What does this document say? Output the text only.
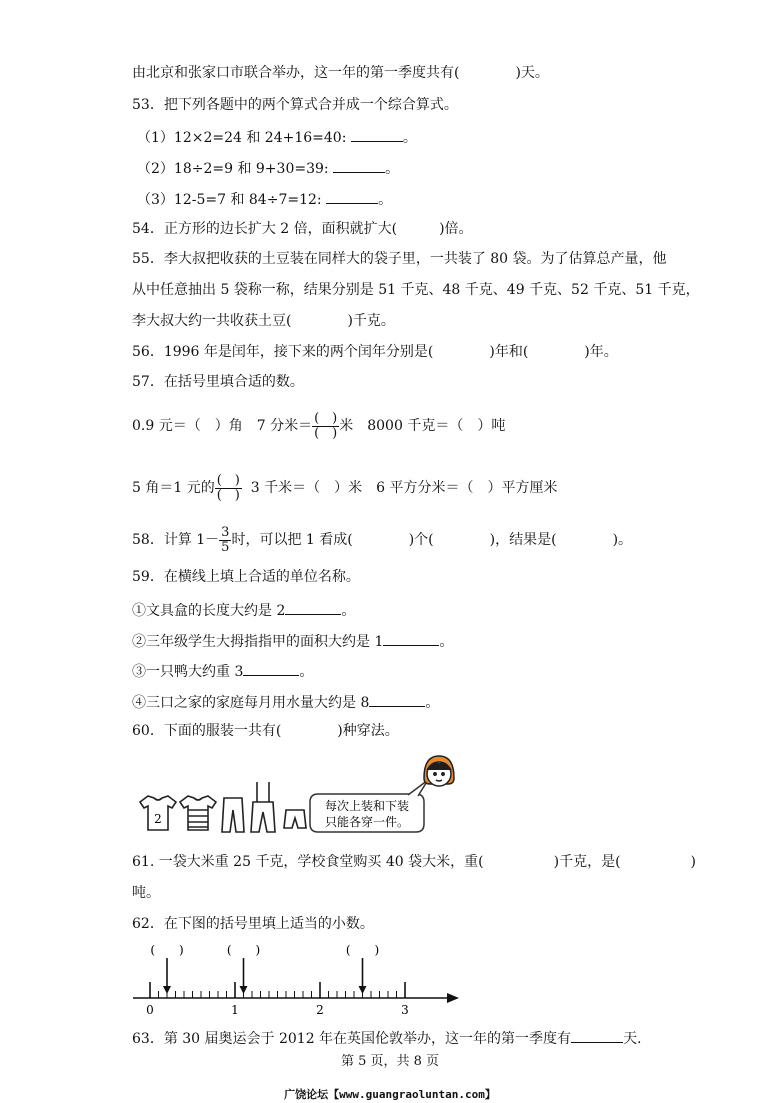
由北京和张家口市联合举办，这一年的第一季度共有(　　　　)天。
53．把下列各题中的两个算式合并成一个综合算式。
（1）12×2=24 和 24+16=40:	。
（2）18÷2=9 和 9+30=39:	。
（3）12-5=7 和 84÷7=12:	。
54．正方形的边长扩大 2 倍，面积就扩大(　　　)倍。
55．李大叔把收获的土豆装在同样大的袋子里，一共装了 80 袋。为了估算总产量，他
从中任意抽出 5 袋称一称，结果分别是 51 千克、48 千克、49 千克、52 千克、51 千克，
李大叔大约一共收获土豆(　　　　)千克。
56．1996 年是闰年，接下来的两个闰年分别是(　　　　)年和(　　　　)年。
57．在括号里填合适的数。
0.9 元＝（　）角　7 分米＝ $\frac{( )}{( )}$ 米　8000 千克＝（　）吨
5 角＝1 元的 $\frac{( )}{( )} 3$ 千米＝（　）米　6 平方分米＝（　）平方厘米
58．计算 $1- \frac{3}{5}$ 时，可以把 1 看成(　　　　)个(　　　　)，结果是(　　　　)。
59．在横线上填上合适的单位名称。
①文具盒的长度大约是 2	。
②三年级学生大拇指指甲的面积大约是 1	。
③一只鸭大约重 3	。
④三口之家的家庭每月用水量大约是 8	。
60．下面的服装一共有(　　　　)种穿法。
2
每次上装和下装
只能各穿一件。
61. 一袋大米重 25 千克，学校食堂购买 40 袋大米，重(　　　　　)千克，是(　　　　　)
吨。
62．在下图的括号里填上适当的小数。
0	1	2	3
(　　)	(　　)	(　　)
63．第 30 届奥运会于 2012 年在英国伦敦举办，这一年的第一季度有	天.
第 5 页，共 8 页
广饶论坛【www.guangraoluntan.com】
